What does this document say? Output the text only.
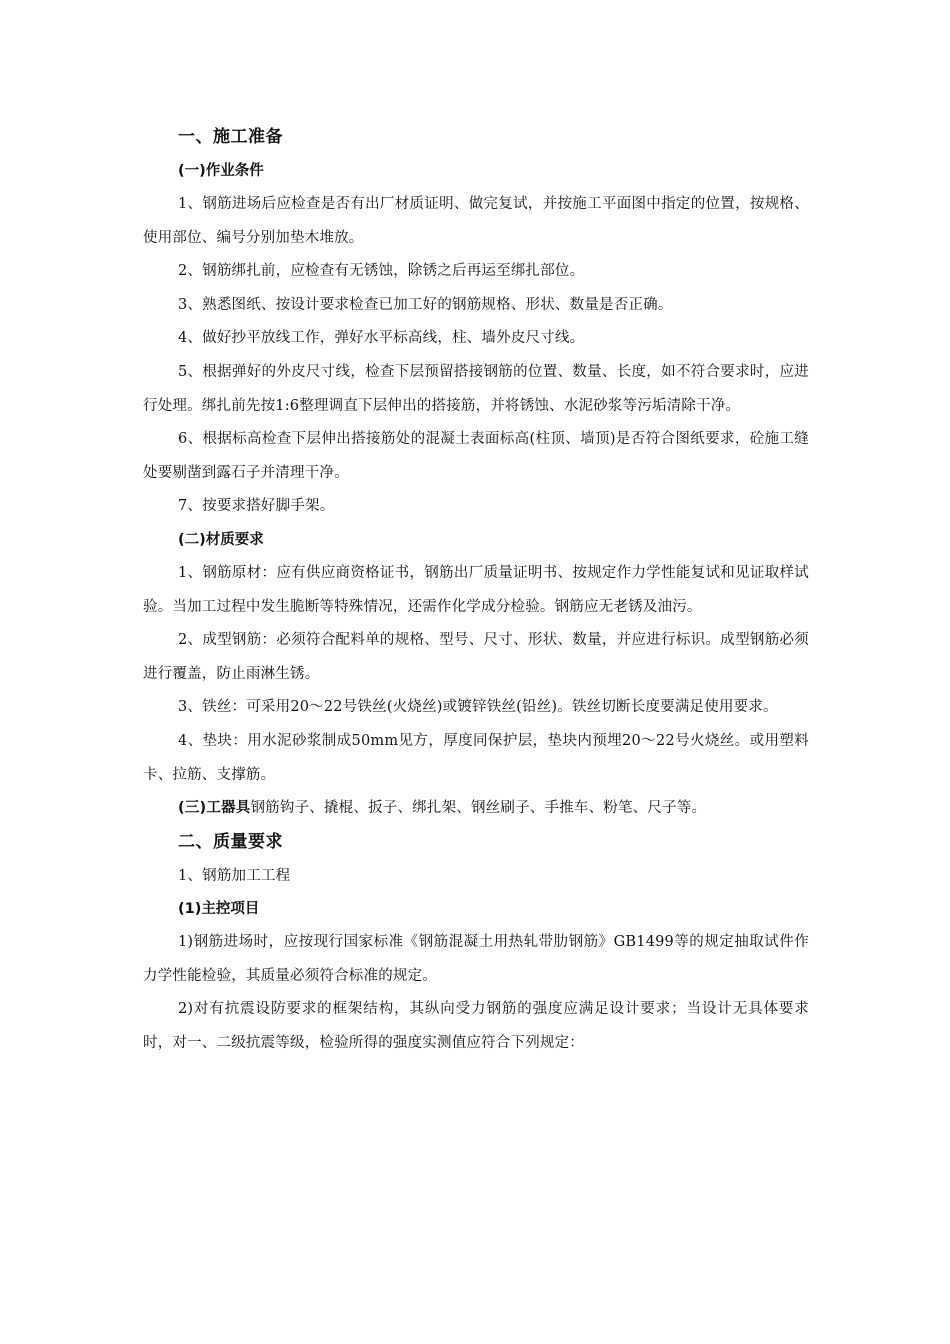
一、施工准备
(一)作业条件

1、钢筋进场后应检查是否有出厂材质证明、做完复试，并按施工平面图中指定的位置，按规格、使用部位、编号分别加垫木堆放。

2、钢筋绑扎前，应检查有无锈蚀，除锈之后再运至绑扎部位。

3、熟悉图纸、按设计要求检查已加工好的钢筋规格、形状、数量是否正确。

4、做好抄平放线工作，弹好水平标高线，柱、墙外皮尺寸线。

5、根据弹好的外皮尺寸线，检查下层预留搭接钢筋的位置、数量、长度，如不符合要求时，应进行处理。绑扎前先按1:6整理调直下层伸出的搭接筋，并将锈蚀、水泥砂浆等污垢清除干净。

6、根据标高检查下层伸出搭接筋处的混凝土表面标高(柱顶、墙顶)是否符合图纸要求，砼施工缝处要剔凿到露石子并清理干净。

7、按要求搭好脚手架。

(二)材质要求

1、钢筋原材：应有供应商资格证书，钢筋出厂质量证明书、按规定作力学性能复试和见证取样试验。当加工过程中发生脆断等特殊情况，还需作化学成分检验。钢筋应无老锈及油污。

2、成型钢筋：必须符合配料单的规格、型号、尺寸、形状、数量，并应进行标识。成型钢筋必须进行覆盖，防止雨淋生锈。

3、铁丝：可采用20～22号铁丝(火烧丝)或镀锌铁丝(铅丝)。铁丝切断长度要满足使用要求。

4、垫块：用水泥砂浆制成50mm见方，厚度同保护层，垫块内预埋20～22号火烧丝。或用塑料卡、拉筋、支撑筋。

(三)工器具钢筋钩子、撬棍、扳子、绑扎架、钢丝刷子、手推车、粉笔、尺子等。

二、质量要求

1、钢筋加工工程

(1)主控项目

1)钢筋进场时，应按现行国家标准《钢筋混凝土用热轧带肋钢筋》GB1499等的规定抽取试件作力学性能检验，其质量必须符合标准的规定。

2)对有抗震设防要求的框架结构，其纵向受力钢筋的强度应满足设计要求；当设计无具体要求时，对一、二级抗震等级，检验所得的强度实测值应符合下列规定：
